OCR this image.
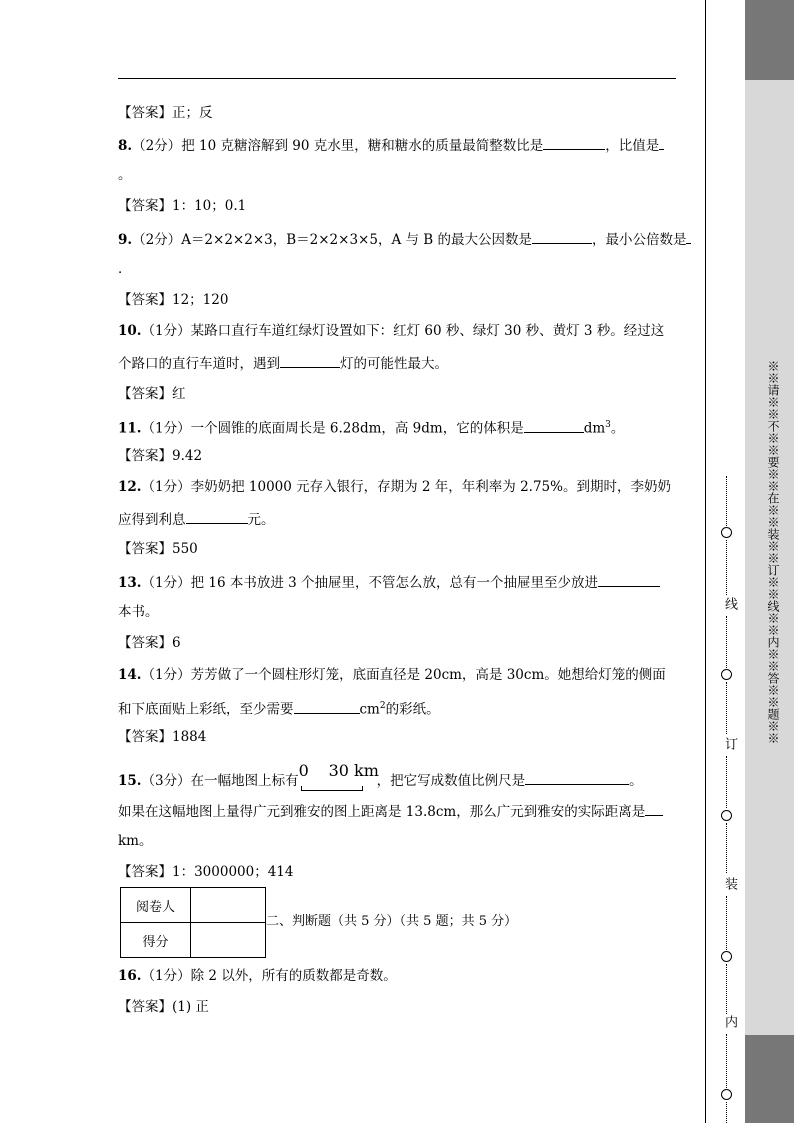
【答案】正；反
8.（2分）把 10 克糖溶解到 90 克水里，糖和糖水的质量最简整数比是	，比值是
。
【答案】1：10；0.1
9.（2分）A＝2×2×2×3，B＝2×2×3×5，A 与 B 的最大公因数是	，最小公倍数是
．
【答案】12；120
10.（1分）某路口直行车道红绿灯设置如下：红灯 60 秒、绿灯 30 秒、黄灯 3 秒。经过这
个路口的直行车道时，遇到	灯的可能性最大。
【答案】红
11.（1分）一个圆锥的底面周长是 6.28dm，高 9dm，它的体积是	$dm^3$。
【答案】9.42
12.（1分）李奶奶把 10000 元存入银行，存期为 2 年，年利率为 2.75%。到期时，李奶奶
应得到利息	元。
【答案】550
13.（1分）把 16 本书放进 3 个抽屉里，不管怎么放，总有一个抽屉里至少放进
本书。
【答案】6
14.（1分）芳芳做了一个圆柱形灯笼，底面直径是 20cm，高是 30cm。她想给灯笼的侧面
和下底面贴上彩纸，至少需要	$cm^2$的彩纸。
【答案】1884
15.（3分）在一幅地图上标有
0 30 km
，把它写成数值比例尺是	。
如果在这幅地图上量得广元到雅安的图上距离是 13.8cm，那么广元到雅安的实际距离是
km。
【答案】1：3000000；414
阅卷人	
得分	
二、判断题（共 5 分）（共 5 题；共 5 分）
16.（1分）除 2 以外，所有的质数都是奇数。
【答案】(1) 正
※※请※※不※※要※※在※※装※※订※※线※※内※※答※※题※※
线
订
装
内
